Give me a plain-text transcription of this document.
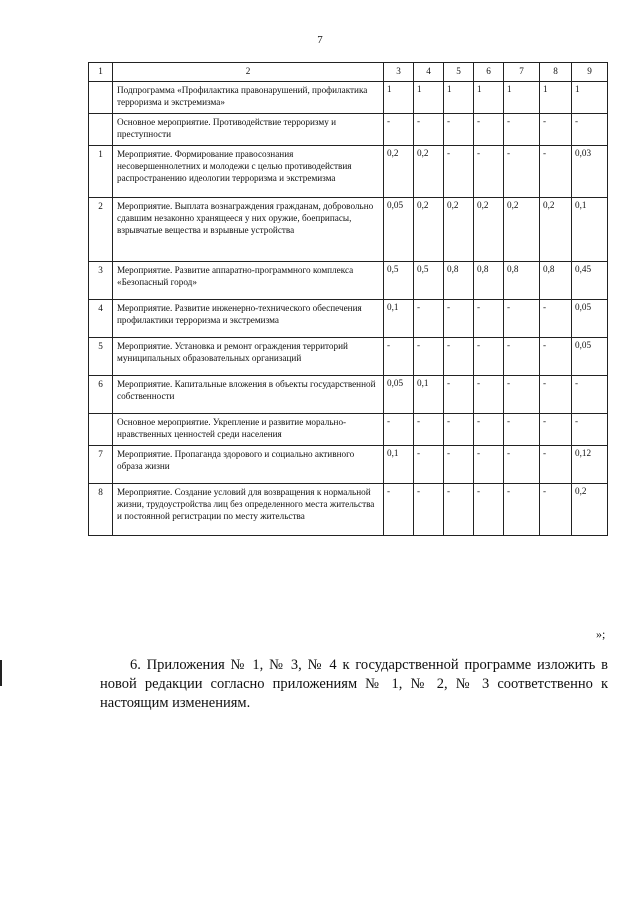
7
1	2	3	4	5	6	7	8	9
	Подпрограмма «Профилактика правонарушений, профилактика терроризма и экстремизма»	1	1	1	1	1	1	1
	Основное мероприятие. Противодействие терроризму и преступности	-	-	-	-	-	-	-
1	Мероприятие. Формирование правосознания несовершеннолетних и молодежи с целью противодействия распространению идеологии терроризма и экстремизма	0,2	0,2	-	-	-	-	0,03
2	Мероприятие. Выплата вознаграждения гражданам, добровольно сдавшим незаконно хранящееся у них оружие, боеприпасы, взрывчатые вещества и взрывные устройства	0,05	0,2	0,2	0,2	0,2	0,2	0,1
3	Мероприятие. Развитие аппаратно-программного комплекса «Безопасный город»	0,5	0,5	0,8	0,8	0,8	0,8	0,45
4	Мероприятие. Развитие инженерно-технического обеспечения профилактики терроризма и экстремизма	0,1	-	-	-	-	-	0,05
5	Мероприятие. Установка и ремонт ограждения территорий муниципальных образовательных организаций	-	-	-	-	-	-	0,05
6	Мероприятие. Капитальные вложения в объекты государственной собственности	0,05	0,1	-	-	-	-	-
	Основное мероприятие. Укрепление и развитие морально-нравственных ценностей среди населения	-	-	-	-	-	-	-
7	Мероприятие. Пропаганда здорового и социально активного образа жизни	0,1	-	-	-	-	-	0,12
8	Мероприятие. Создание условий для возвращения к нормальной жизни, трудоустройства лиц без определенного места жительства и постоянной регистрации по месту жительства	-	-	-	-	-	-	0,2
»;

6. Приложения № 1, № 3, № 4 к государственной программе изложить в новой редакции согласно приложениям № 1, № 2, № 3 соответственно к настоящим изменениям.
